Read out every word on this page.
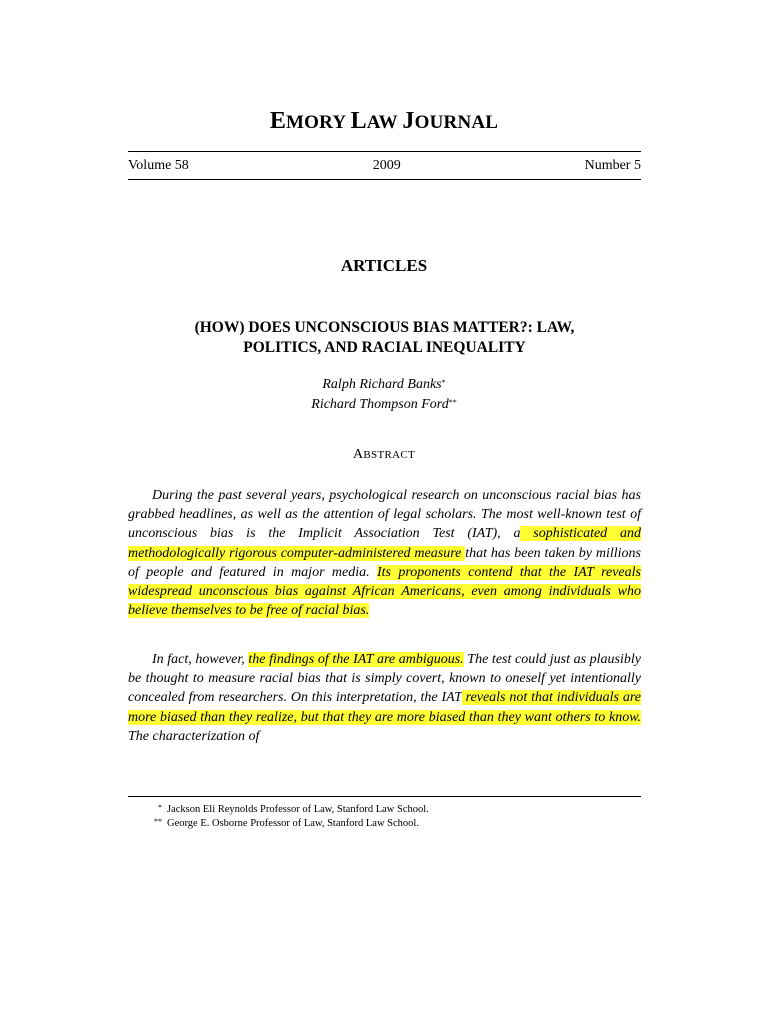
EMORY LAW JOURNAL
Volume 58	2009	Number 5
ARTICLES
(HOW) DOES UNCONSCIOUS BIAS MATTER?: LAW,
POLITICS, AND RACIAL INEQUALITY
Ralph Richard Banks*
Richard Thompson Ford**
ABSTRACT

During the past several years, psychological research on unconscious racial bias has grabbed headlines, as well as the attention of legal scholars. The most well-known test of unconscious bias is the Implicit Association Test (IAT), a sophisticated and methodologically rigorous computer-administered measure that has been taken by millions of people and featured in major media. Its proponents contend that the IAT reveals widespread unconscious bias against African Americans, even among individuals who believe themselves to be free of racial bias.

In fact, however, the findings of the IAT are ambiguous. The test could just as plausibly be thought to measure racial bias that is simply covert, known to oneself yet intentionally concealed from researchers. On this interpretation, the IAT reveals not that individuals are more biased than they realize, but that they are more biased than they want others to know. The characterization of

* Jackson Eli Reynolds Professor of Law, Stanford Law School.
** George E. Osborne Professor of Law, Stanford Law School.
